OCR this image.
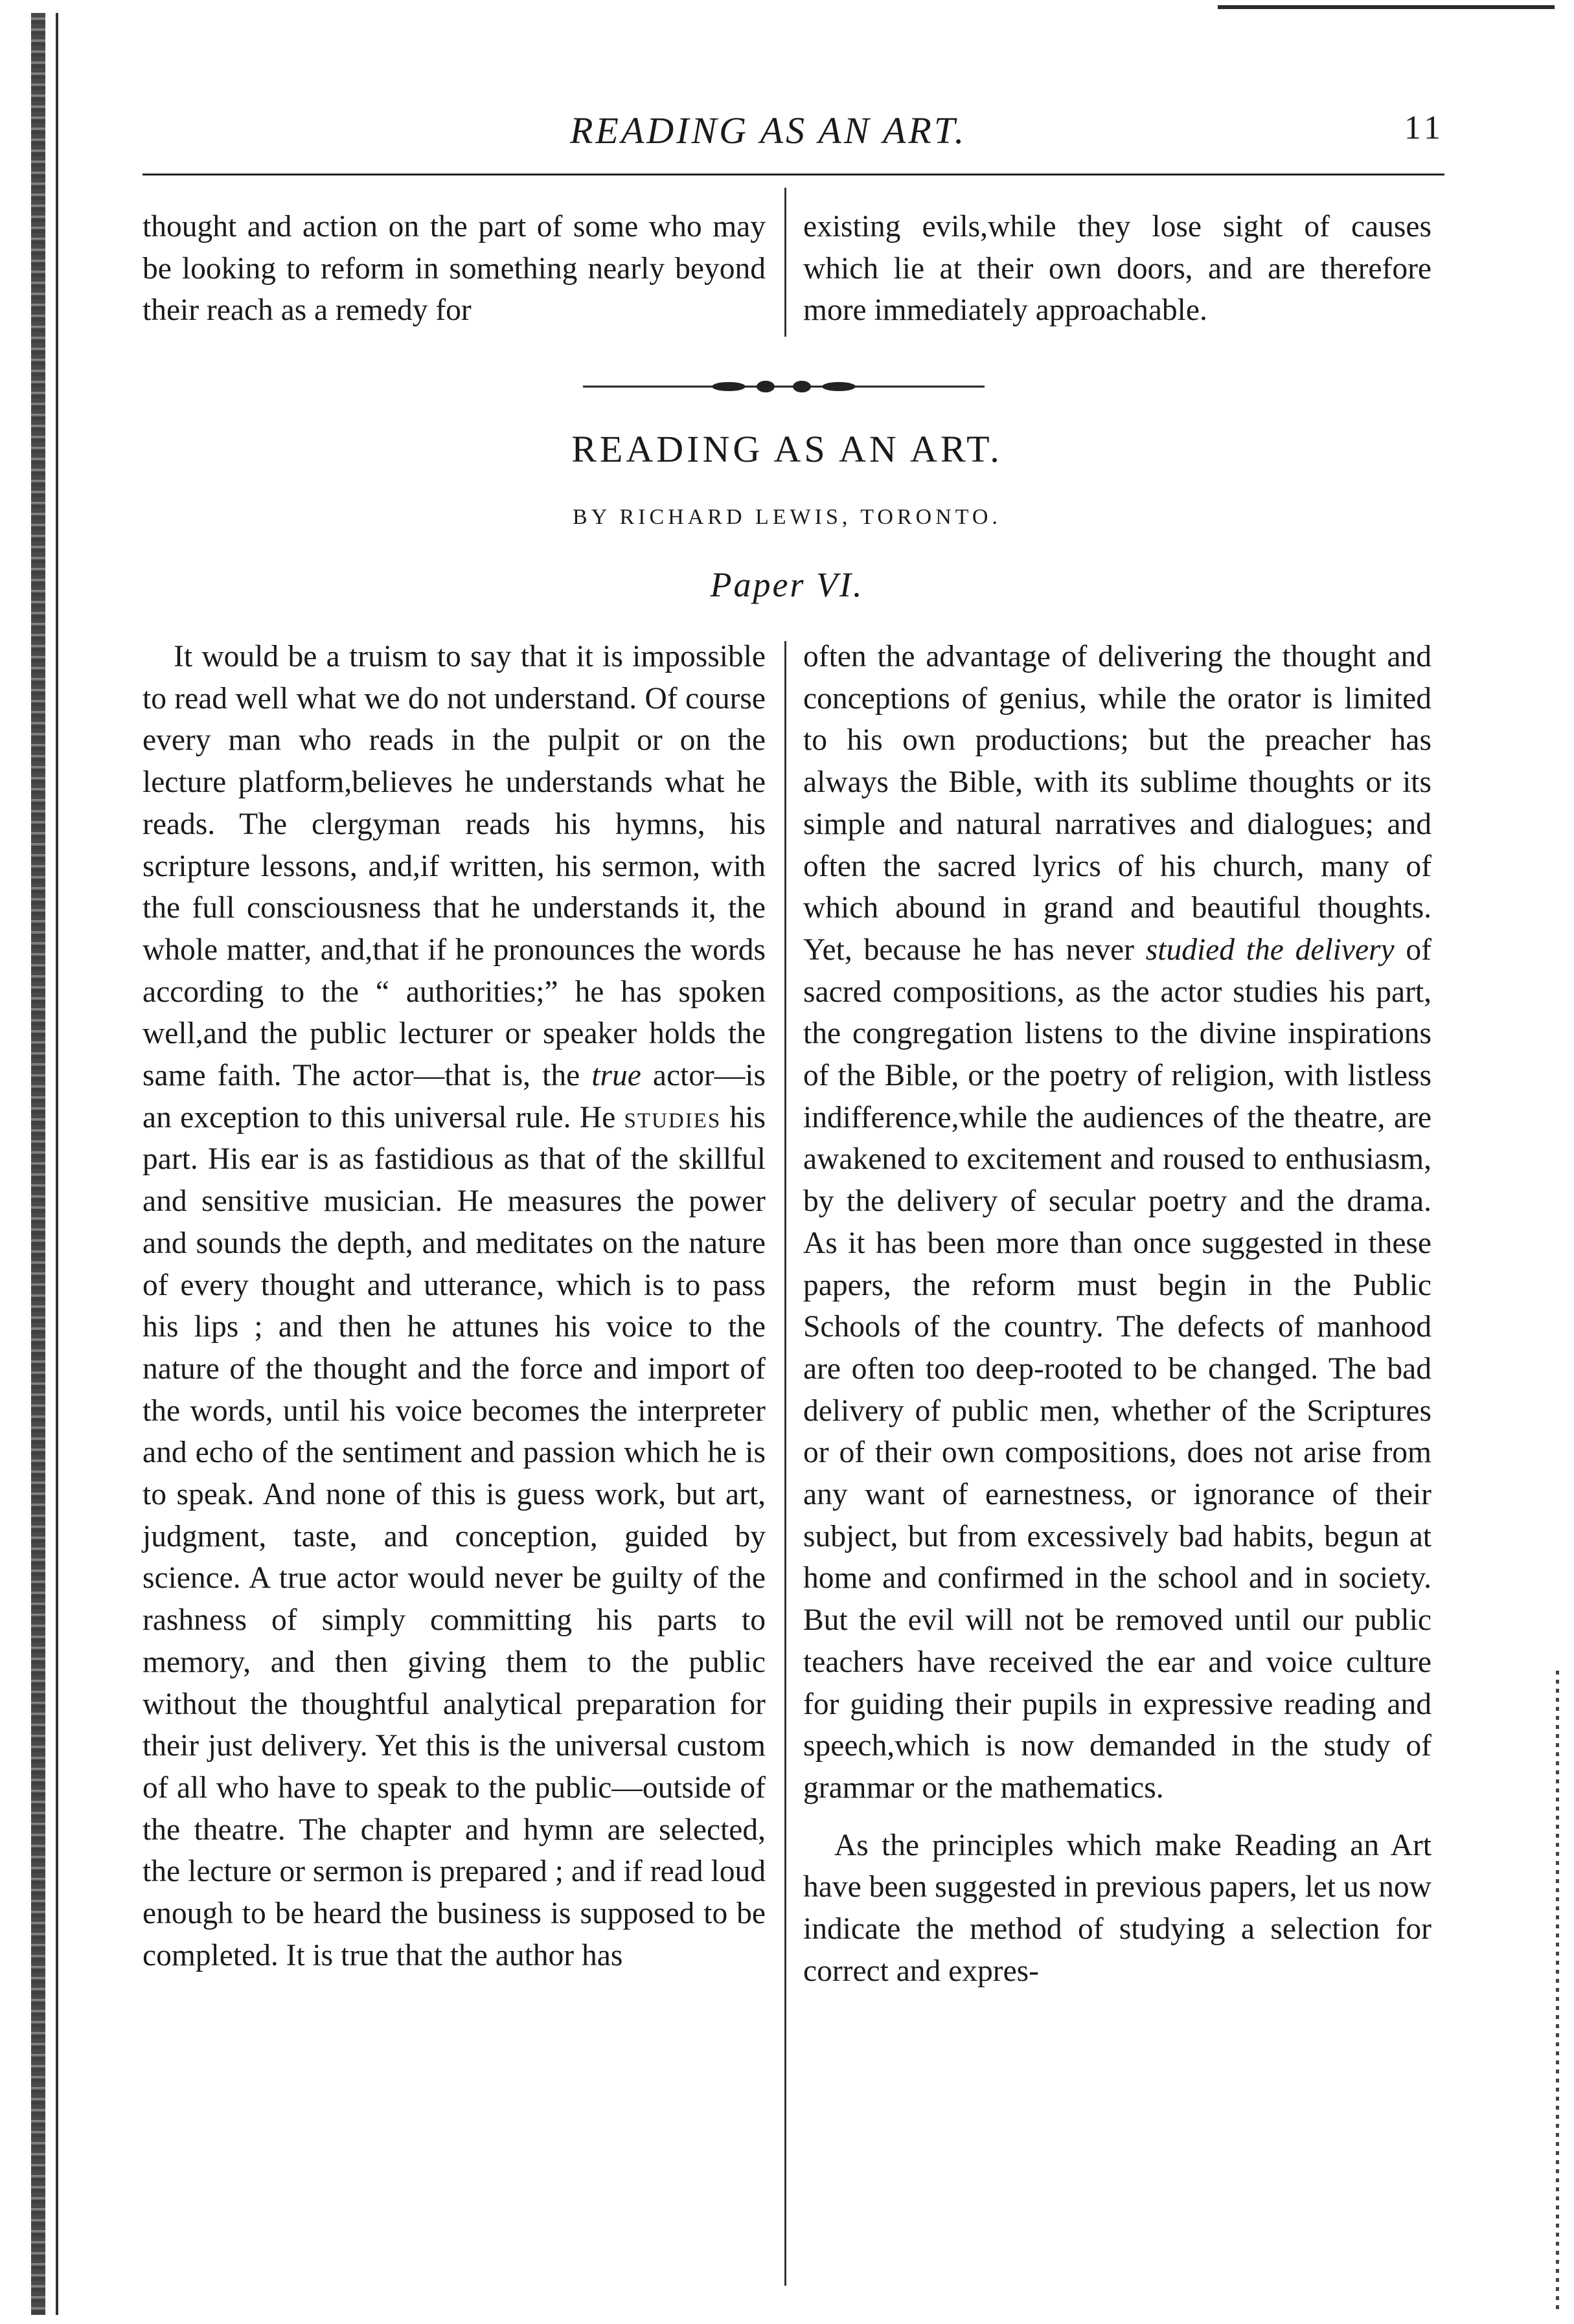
READING AS AN ART.	11

thought and action on the part of some who may be looking to reform in something nearly beyond their reach as a remedy for

existing evils,while they lose sight of causes which lie at their own doors, and are therefore more immediately approachable.

READING AS AN ART.
BY RICHARD LEWIS, TORONTO.
Paper VI.

It would be a truism to say that it is impossible to read well what we do not understand. Of course every man who reads in the pulpit or on the lecture platform,believes he understands what he reads. The clergyman reads his hymns, his scripture lessons, and,if written, his sermon, with the full consciousness that he understands it, the whole matter, and,that if he pronounces the words according to the “ authorities;” he has spoken well,and the public lecturer or speaker holds the same faith. The actor—that is, the true actor—is an exception to this universal rule. He studies his part. His ear is as fastidious as that of the skillful and sensitive musician. He measures the power and sounds the depth, and meditates on the nature of every thought and utterance, which is to pass his lips ; and then he attunes his voice to the nature of the thought and the force and import of the words, until his voice becomes the interpreter and echo of the sentiment and passion which he is to speak. And none of this is guess work, but art, judgment, taste, and conception, guided by science. A true actor would never be guilty of the rashness of simply committing his parts to memory, and then giving them to the public without the thoughtful analytical preparation for their just delivery. Yet this is the universal custom of all who have to speak to the public—outside of the theatre. The chapter and hymn are selected, the lecture or sermon is prepared ; and if read loud enough to be heard the business is supposed to be completed. It is true that the author has

often the advantage of delivering the thought and conceptions of genius, while the orator is limited to his own productions; but the preacher has always the Bible, with its sublime thoughts or its simple and natural narratives and dialogues; and often the sacred lyrics of his church, many of which abound in grand and beautiful thoughts. Yet, because he has never studied the delivery of sacred compositions, as the actor studies his part, the congregation listens to the divine inspirations of the Bible, or the poetry of religion, with listless indifference,while the audiences of the theatre, are awakened to excitement and roused to enthusiasm, by the delivery of secular poetry and the drama. As it has been more than once suggested in these papers, the reform must begin in the Public Schools of the country. The defects of manhood are often too deep-rooted to be changed. The bad delivery of public men, whether of the Scriptures or of their own compositions, does not arise from any want of earnestness, or ignorance of their subject, but from excessively bad habits, begun at home and confirmed in the school and in society. But the evil will not be removed until our public teachers have received the ear and voice culture for guiding their pupils in expressive reading and speech,which is now demanded in the study of grammar or the mathematics.

As the principles which make Reading an Art have been suggested in previous papers, let us now indicate the method of studying a selection for correct and expres-
